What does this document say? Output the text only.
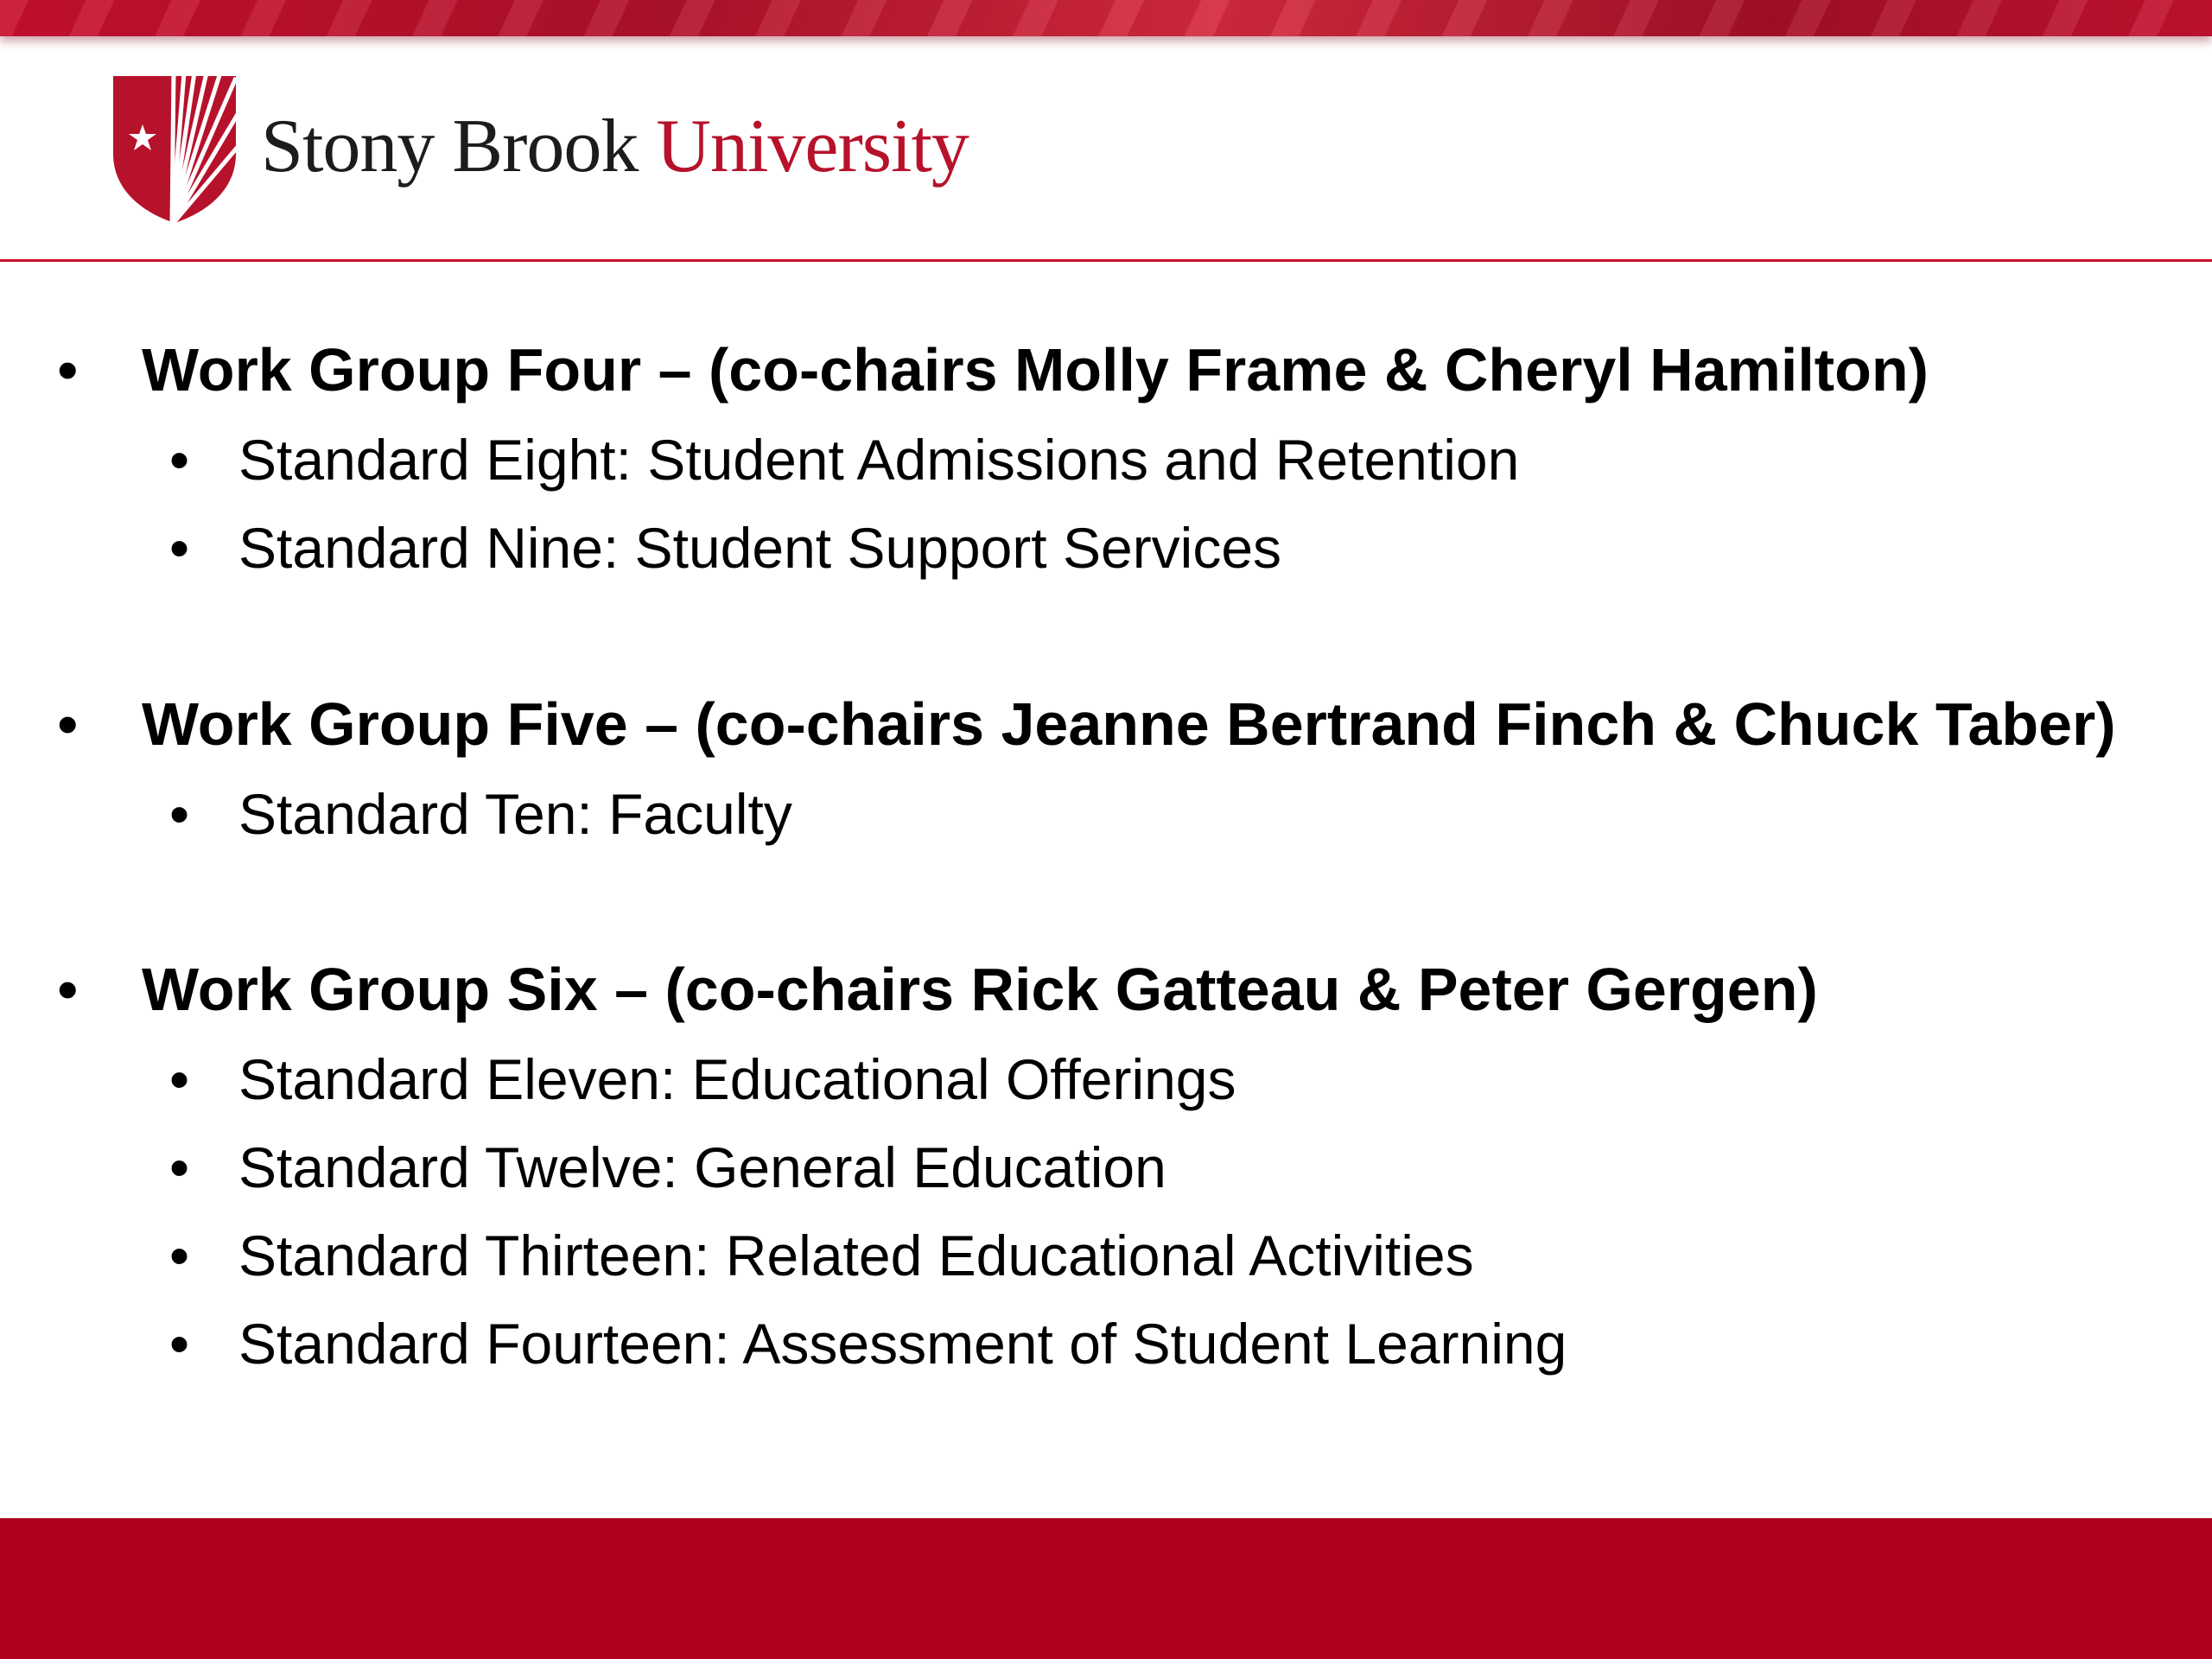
Stony Brook University
• Work Group Four – (co-chairs Molly Frame & Cheryl Hamilton)
• Standard Eight: Student Admissions and Retention
• Standard Nine: Student Support Services
• Work Group Five – (co-chairs Jeanne Bertrand Finch & Chuck Taber)
• Standard Ten: Faculty
• Work Group Six – (co-chairs Rick Gatteau & Peter Gergen)
• Standard Eleven: Educational Offerings
• Standard Twelve: General Education
• Standard Thirteen: Related Educational Activities
• Standard Fourteen: Assessment of Student Learning
